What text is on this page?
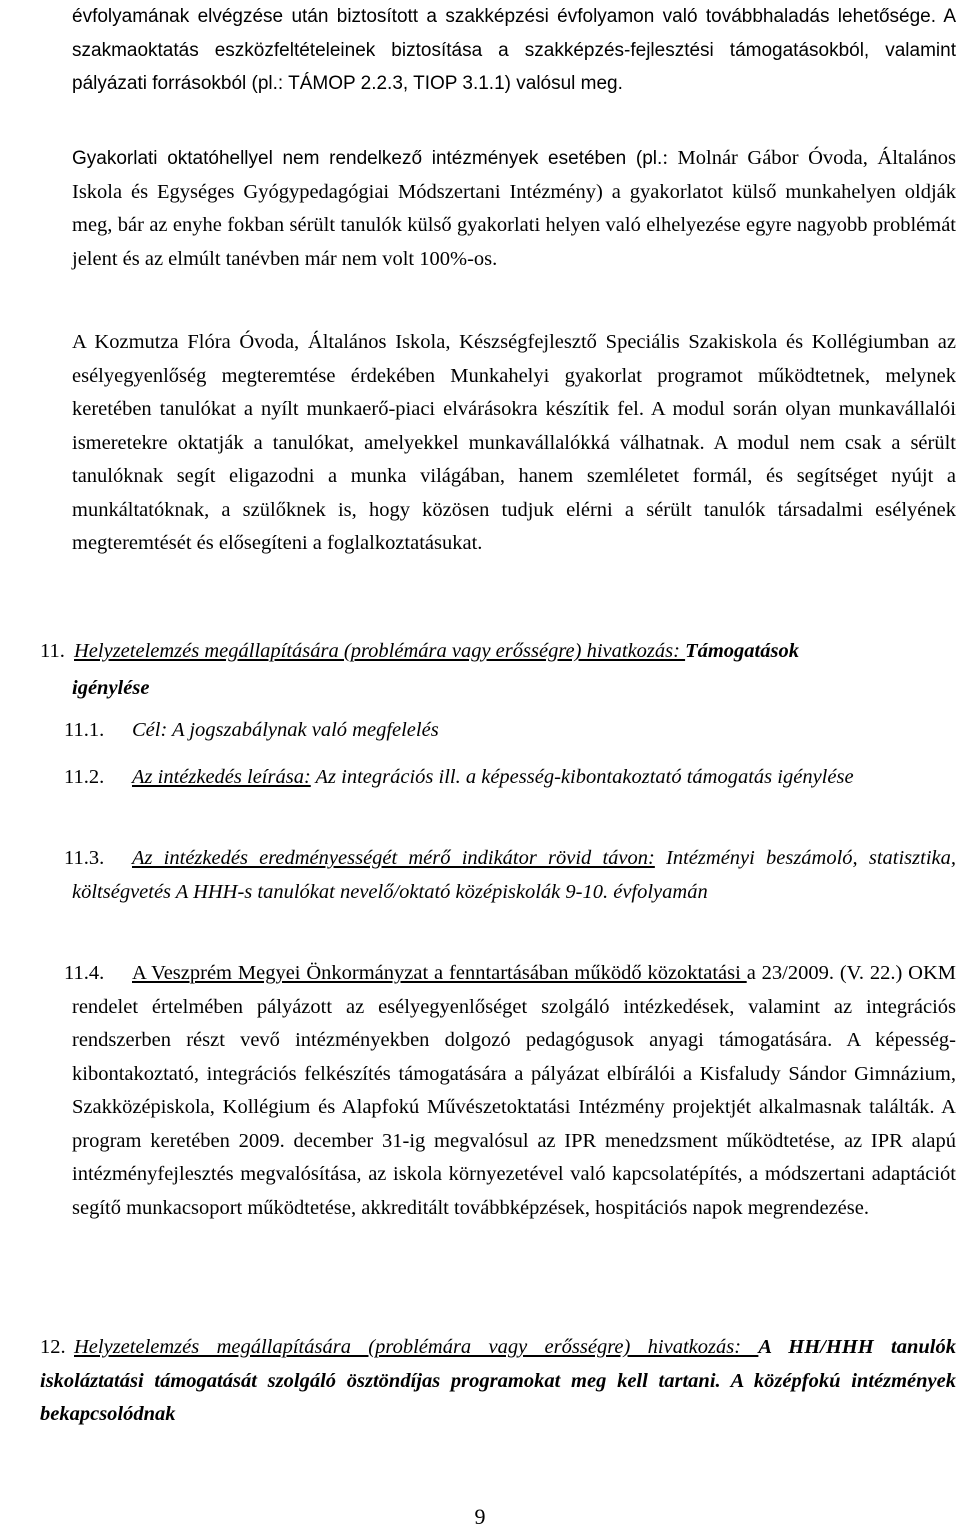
évfolyamának elvégzése után biztosított a szakképzési évfolyamon való továbbhaladás lehetősége. A szakmaoktatás eszközfeltételeinek biztosítása a szakképzés-fejlesztési támogatásokból, valamint pályázati forrásokból (pl.: TÁMOP 2.2.3, TIOP 3.1.1) valósul meg.

Gyakorlati oktatóhellyel nem rendelkező intézmények esetében (pl.: Molnár Gábor Óvoda, Általános Iskola és Egységes Gyógypedagógiai Módszertani Intézmény) a gyakorlatot külső munkahelyen oldják meg, bár az enyhe fokban sérült tanulók külső gyakorlati helyen való elhelyezése egyre nagyobb problémát jelent és az elmúlt tanévben már nem volt 100%-os.

A Kozmutza Flóra Óvoda, Általános Iskola, Készségfejlesztő Speciális Szakiskola és Kollégiumban az esélyegyenlőség megteremtése érdekében Munkahelyi gyakorlat programot működtetnek, melynek keretében tanulókat a nyílt munkaerő-piaci elvárásokra készítik fel. A modul során olyan munkavállalói ismeretekre oktatják a tanulókat, amelyekkel munkavállalókká válhatnak. A modul nem csak a sérült tanulóknak segít eligazodni a munka világában, hanem szemléletet formál, és segítséget nyújt a munkáltatóknak, a szülőknek is, hogy közösen tudjuk elérni a sérült tanulók társadalmi esélyének megteremtését és elősegíteni a foglalkoztatásukat.

11. Helyzetelemzés megállapítására (problémára vagy erősségre) hivatkozás: Támogatások
igénylése

11.1. Cél: A jogszabálynak való megfelelés

11.2. Az intézkedés leírása: Az integrációs ill. a képesség-kibontakoztató támogatás igénylése

11.3. Az intézkedés eredményességét mérő indikátor rövid távon: Intézményi beszámoló, statisztika, költségvetés A HHH-s tanulókat nevelő/oktató középiskolák 9-10. évfolyamán

11.4. A Veszprém Megyei Önkormányzat a fenntartásában működő közoktatási a 23/2009. (V. 22.) OKM rendelet értelmében pályázott az esélyegyenlőséget szolgáló intézkedések, valamint az integrációs rendszerben részt vevő intézményekben dolgozó pedagógusok anyagi támogatására. A képesség-kibontakoztató, integrációs felkészítés támogatására a pályázat elbírálói a Kisfaludy Sándor Gimnázium, Szakközépiskola, Kollégium és Alapfokú Művészetoktatási Intézmény projektjét alkalmasnak találták. A program keretében 2009. december 31-ig megvalósul az IPR menedzsment működtetése, az IPR alapú intézményfejlesztés megvalósítása, az iskola környezetével való kapcsolatépítés, a módszertani adaptációt segítő munkacsoport működtetése, akkreditált továbbképzések, hospitációs napok megrendezése.

12. Helyzetelemzés megállapítására (problémára vagy erősségre) hivatkozás: A HH/HHH tanulók iskoláztatási támogatását szolgáló ösztöndíjas programokat meg kell tartani. A középfokú intézmények bekapcsolódnak

9
